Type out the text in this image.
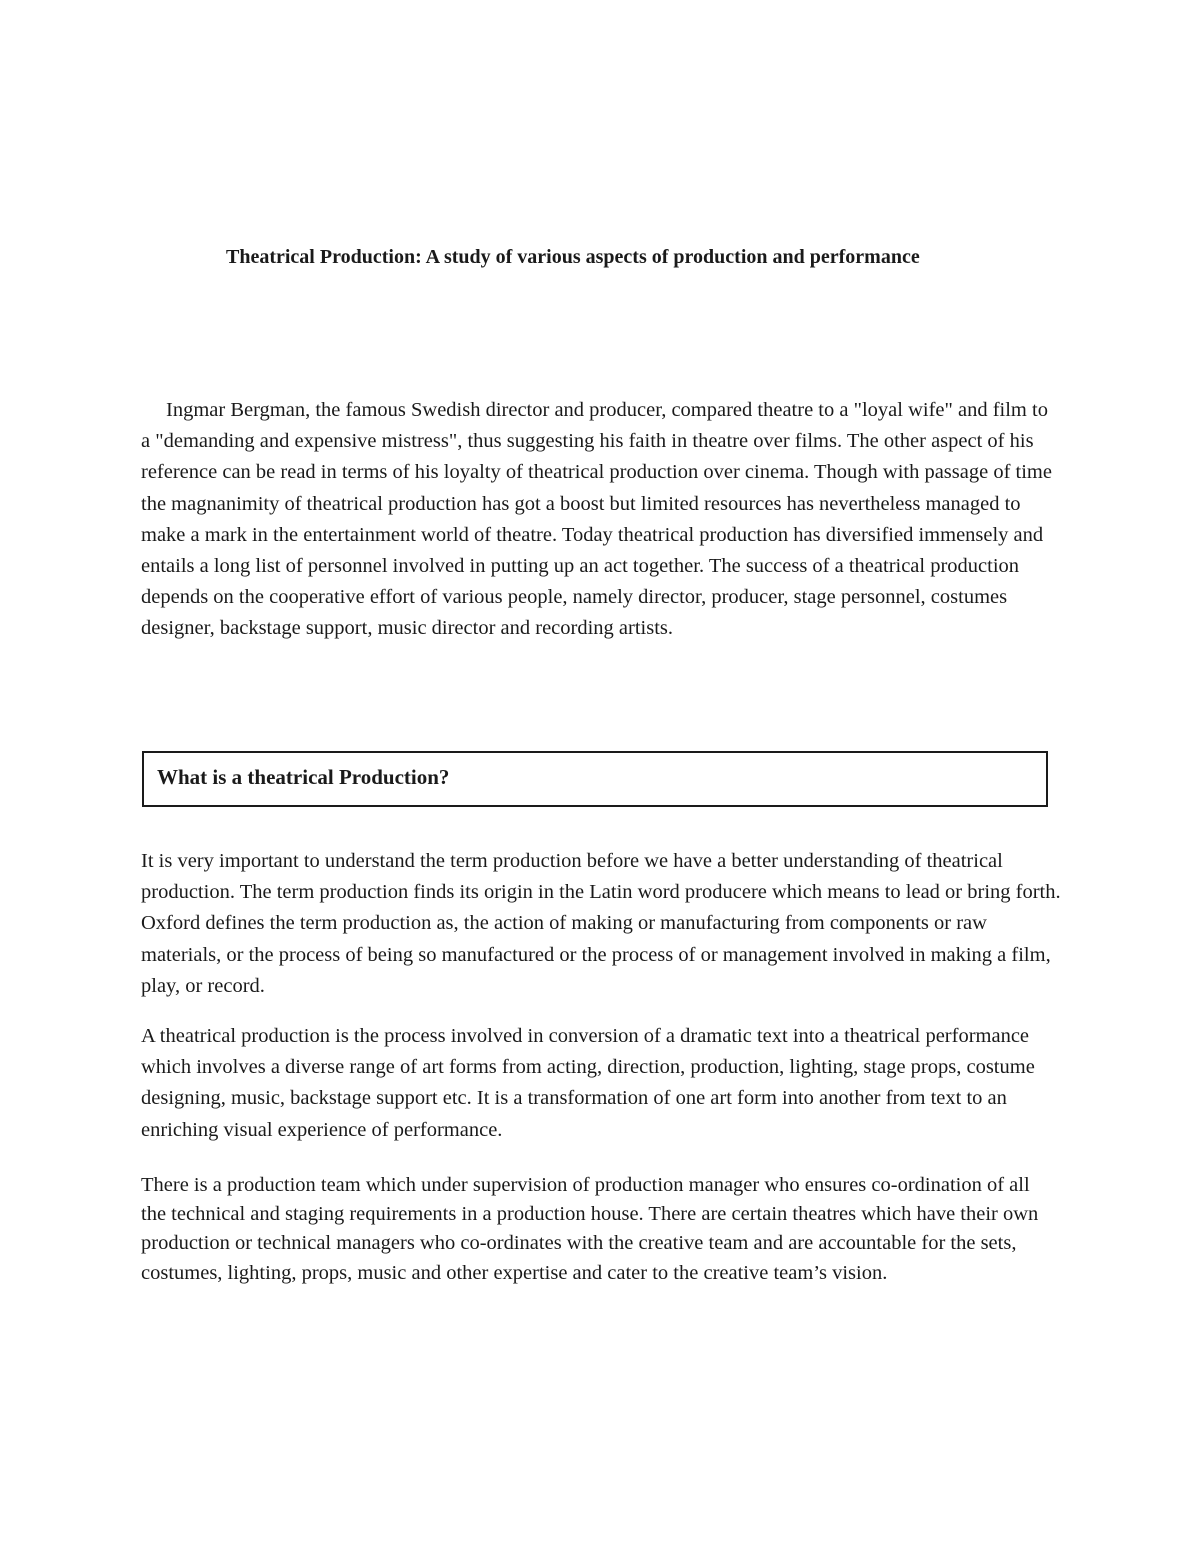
Theatrical Production: A study of various aspects of production and performance

Ingmar Bergman, the famous Swedish director and producer, compared theatre to a "loyal wife" and film to a "demanding and expensive mistress", thus suggesting his faith in theatre over films. The other aspect of his reference can be read in terms of his loyalty of theatrical production over cinema. Though with passage of time the magnanimity of theatrical production has got a boost but limited resources has nevertheless managed to make a mark in the entertainment world of theatre. Today theatrical production has diversified immensely and entails a long list of personnel involved in putting up an act together. The success of a theatrical production depends on the cooperative effort of various people, namely director, producer, stage personnel, costumes designer, backstage support, music director and recording artists.

What is a theatrical Production?

It is very important to understand the term production before we have a better understanding of theatrical production. The term production finds its origin in the Latin word producere which means to lead or bring forth. Oxford defines the term production as, the action of making or manufacturing from components or raw materials, or the process of being so manufactured or the process of or management involved in making a film, play, or record.

A theatrical production is the process involved in conversion of a dramatic text into a theatrical performance which involves a diverse range of art forms from acting, direction, production, lighting, stage props, costume designing, music, backstage support etc. It is a transformation of one art form into another from text to an enriching visual experience of performance.

There is a production team which under supervision of production manager who ensures co-ordination of all the technical and staging requirements in a production house. There are certain theatres which have their own production or technical managers who co-ordinates with the creative team and are accountable for the sets, costumes, lighting, props, music and other expertise and cater to the creative team’s vision.
